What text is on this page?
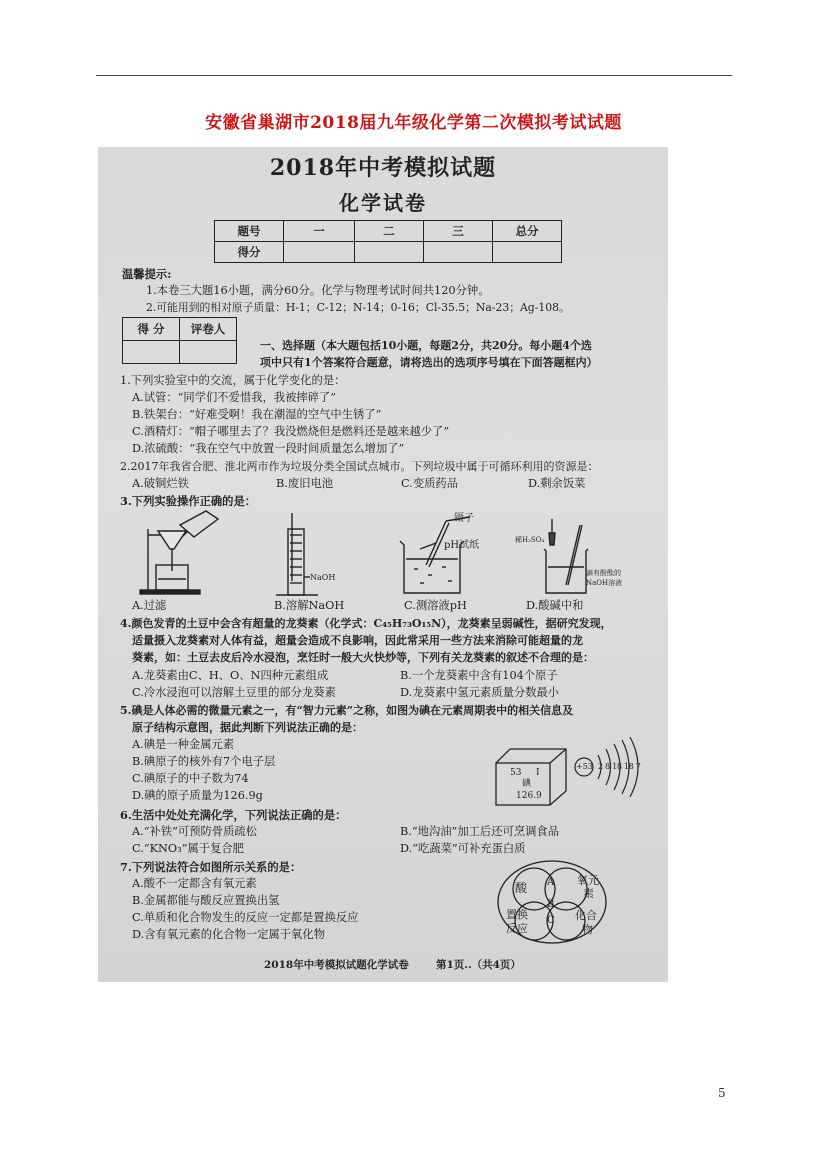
安徽省巢湖市2018届九年级化学第二次模拟考试试题
2018年中考模拟试题
化学试卷
题号	一	二	三	总分
得分				
温馨提示:
1.本卷三大题16小题，满分60分。化学与物理考试时间共120分钟。
2.可能用到的相对原子质量：H-1；C-12；N-14；0-16；Cl-35.5；Na-23；Ag-108。
得 分	评卷人

一、选择题（本大题包括10小题，每题2分，共20分。每小题4个选
项中只有1个答案符合题意，请将选出的选项序号填在下面答题框内）
1.下列实验室中的交流，属于化学变化的是：
A.试管：“同学们不爱惜我，我被摔碎了”
B.铁架台：“好难受啊！我在潮湿的空气中生锈了”
C.酒精灯：“帽子哪里去了？我没燃烧但是燃料还是越来越少了”
D.浓硫酸：“我在空气中放置一段时间质量怎么增加了”
2.2017年我省合肥、淮北两市作为垃圾分类全国试点城市。下列垃圾中属于可循环利用的资源是：
A.破铜烂铁	B.废旧电池	C.变质药品	D.剩余饭菜
3.下列实验操作正确的是：
NaOH
镊子
pH试纸	稀H₂SO₄
滴有酚酞的
NaOH溶液
A.过滤	B.溶解NaOH	C.测溶液pH	D.酸碱中和
4.颜色发青的土豆中会含有超量的龙葵素（化学式：C₄₅H₇₃O₁₅N），龙葵素呈弱碱性，据研究发现，
适量摄入龙葵素对人体有益，超量会造成不良影响，因此常采用一些方法来消除可能超量的龙
葵素，如：土豆去皮后冷水浸泡，烹饪时一般大火快炒等，下列有关龙葵素的叙述不合理的是：
A.龙葵素由C、H、O、N四种元素组成	B.一个龙葵素中含有104个原子
C.冷水浸泡可以溶解土豆里的部分龙葵素	D.龙葵素中氢元素质量分数最小
5.碘是人体必需的微量元素之一，有“智力元素”之称，如图为碘在元素周期表中的相关信息及
原子结构示意图，据此判断下列说法正确的是：
A.碘是一种金属元素
B.碘原子的核外有7个电子层
C.碘原子的中子数为74
D.碘的原子质量为126.9g
53 I
碘
126.9
+53 2 8 18 18 7
6.生活中处处充满化学，下列说法正确的是：
A.“补铁”可预防骨质疏松	B.“地沟油”加工后还可烹调食品
C.“KNO₃”属于复合肥	D.“吃蔬菜”可补充蛋白质
7.下列说法符合如图所示关系的是：
A.酸不一定都含有氧元素
B.金属都能与酸反应置换出氢
C.单质和化合物发生的反应一定都是置换反应
D.含有氧元素的化合物一定属于氧化物
酸
氧元
素
置换
反应
化合
物
A
B
C
2018年中考模拟试题化学试卷	第1页..（共4页）
5
